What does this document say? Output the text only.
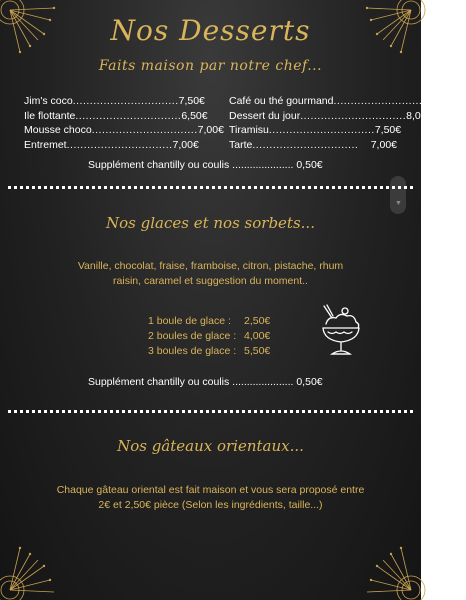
Nos Desserts
Faits maison par notre chef...
Jim's coco ............................... 7,50€
Ile flottante ............................... 6,50€
Mousse choco ............................... 7,00€
Entremet ............................... 7,00€
Café ou thé gourmand ............................... 9,50€
Dessert du jour ............................... 8,00€
Tiramisu ............................... 7,50€
Tarte ...............................	7,00€
Supplément chantilly ou coulis ..................... 0,50€
▼
Nos glaces et nos sorbets...
Vanille, chocolat, fraise, framboise, citron, pistache, rhum
raisin, caramel et suggestion du moment..
1 boule de glace :	2,50€
2 boules de glace : 4,00€
3 boules de glace : 5,50€
Supplément chantilly ou coulis ..................... 0,50€
Nos gâteaux orientaux...
Chaque gâteau oriental est fait maison et vous sera proposé entre
2€ et 2,50€ pièce (Selon les ingrédients, taille...)
